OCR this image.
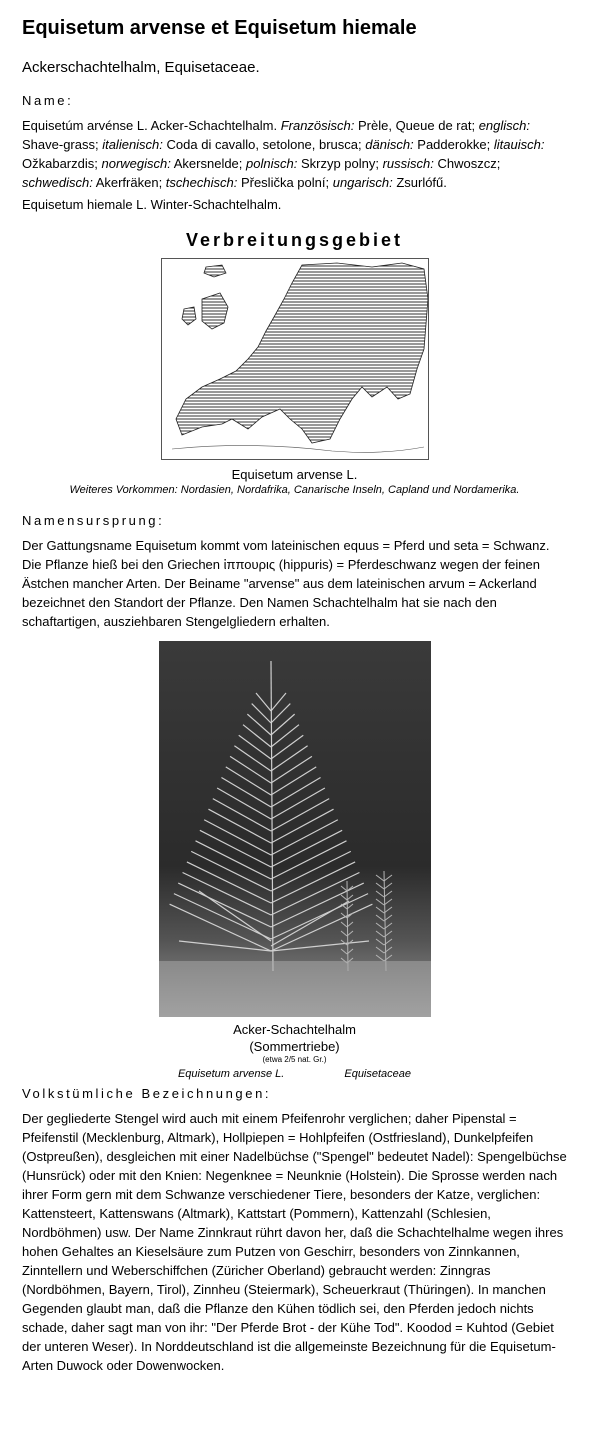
Equisetum arvense et Equisetum hiemale
Ackerschachtelhalm, Equisetaceae.
Name:

Equisetúm arvénse L. Acker-Schachtelhalm. Französisch: Prèle, Queue de rat; englisch: Shave-grass; italienisch: Coda di cavallo, setolone, brusca; dänisch: Padderokke; litauisch: Ožkabarzdis; norwegisch: Akersnelde; polnisch: Skrzyp polny; russisch: Chwoszcz; schwedisch: Akerfräken; tschechisch: Přeslička polní; ungarisch: Zsurlófű.

Equisetum hiemale L. Winter-Schachtelhalm.

Verbreitungsgebiet
Equisetum arvense L.
Weiteres Vorkommen: Nordasien, Nordafrika, Canarische Inseln, Capland und Nordamerika.
Namensursprung:
Der Gattungsname Equisetum kommt vom lateinischen equus = Pferd und seta = Schwanz. Die Pflanze hieß bei den Griechen ἱππουρις (hippuris) = Pferdeschwanz wegen der feinen Ästchen mancher Arten. Der Beiname "arvense" aus dem lateinischen arvum = Ackerland bezeichnet den Standort der Pflanze. Den Namen Schachtelhalm hat sie nach den schaftartigen, ausziehbaren Stengelgliedern erhalten.
Acker-Schachtelhalm
(Sommertriebe)
(etwa 2/5 nat. Gr.)
Equisetum arvense L.	Equisetaceae
Volkstümliche Bezeichnungen:
Der gegliederte Stengel wird auch mit einem Pfeifenrohr verglichen; daher Pipenstal = Pfeifenstil (Mecklenburg, Altmark), Hollpiepen = Hohlpfeifen (Ostfriesland), Dunkelpfeifen (Ostpreußen), desgleichen mit einer Nadelbüchse ("Spengel" bedeutet Nadel): Spengelbüchse (Hunsrück) oder mit den Knien: Negenknee = Neunknie (Holstein). Die Sprosse werden nach ihrer Form gern mit dem Schwanze verschiedener Tiere, besonders der Katze, verglichen: Kattensteert, Kattenswans (Altmark), Kattstart (Pommern), Kattenzahl (Schlesien, Nordböhmen) usw. Der Name Zinnkraut rührt davon her, daß die Schachtelhalme wegen ihres hohen Gehaltes an Kieselsäure zum Putzen von Geschirr, besonders von Zinnkannen, Zinntellern und Weberschiffchen (Züricher Oberland) gebraucht werden: Zinngras (Nordböhmen, Bayern, Tirol), Zinnheu (Steiermark), Scheuerkraut (Thüringen). In manchen Gegenden glaubt man, daß die Pflanze den Kühen tödlich sei, den Pferden jedoch nichts schade, daher sagt man von ihr: "Der Pferde Brot - der Kühe Tod". Koodod = Kuhtod (Gebiet der unteren Weser). In Norddeutschland ist die allgemeinste Bezeichnung für die Equisetum-Arten Duwock oder Dowenwocken.
